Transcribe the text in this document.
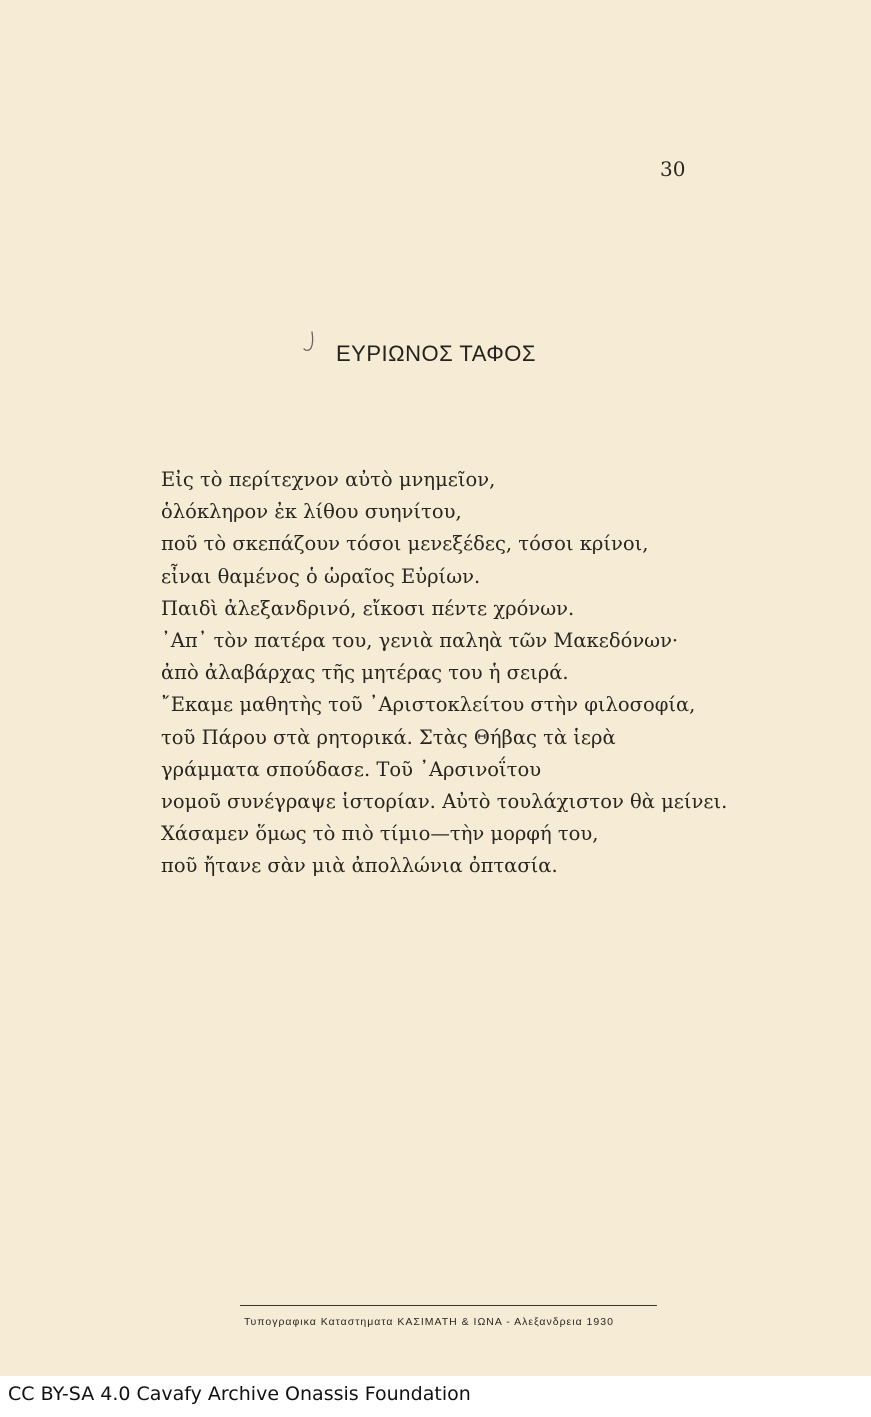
30
ΕΥΡΙΩΝΟΣ ΤΑΦΟΣ
Εἰς τὸ περίτεχνον αὐτὸ μνημεῖον,
ὁλόκληρον ἐκ λίθου συηνίτου,
ποῦ τὸ σκεπάζουν τόσοι μενεξέδες, τόσοι κρίνοι,
εἶναι θαμένος ὁ ὡραῖος Εὐρίων.
Παιδὶ ἀλεξανδρινό, εἴκοσι πέντε χρόνων.
᾿Απ᾿ τὸν πατέρα του, γενιὰ παληὰ τῶν Μακεδόνων·
ἀπὸ ἀλαβάρχας τῆς μητέρας του ἡ σειρά.
῎Εκαμε μαθητὴς τοῦ ᾿Αριστοκλείτου στὴν φιλοσοφία,
τοῦ Πάρου στὰ ρητορικά. Στὰς Θήβας τὰ ἱερὰ
γράμματα σπούδασε. Τοῦ ᾿Αρσινοΐτου
νομοῦ συνέγραψε ἱστορίαν. Αὐτὸ τουλάχιστον θὰ μείνει.
Χάσαμεν ὅμως τὸ πιὸ τίμιο—τὴν μορφή του,
ποῦ ἤτανε σὰν μιὰ ἀπολλώνια ὀπτασία.
Τυπογραφικα Καταστηματα ΚΑΣΙΜΑΤΗ & ΙΩΝΑ - Αλεξανδρεια 1930
CC BY-SA 4.0 Cavafy Archive Onassis Foundation
